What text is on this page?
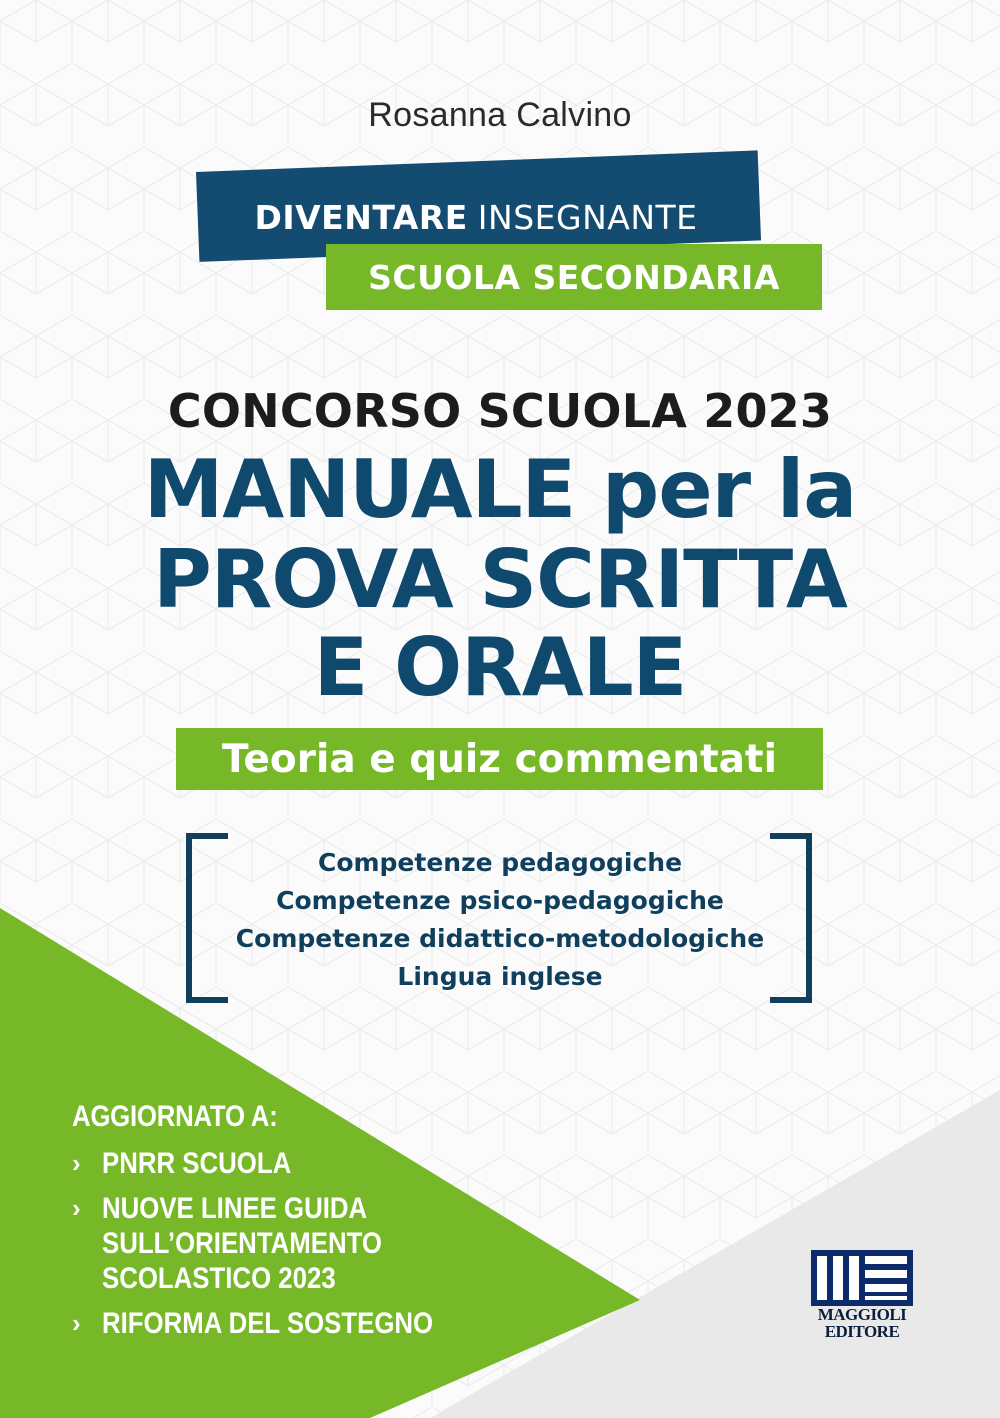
Rosanna Calvino
DIVENTARE INSEGNANTE
SCUOLA SECONDARIA
CONCORSO SCUOLA 2023
MANUALE per la
PROVA SCRITTA
E ORALE
Teoria e quiz commentati
Competenze pedagogiche
Competenze psico-pedagogiche
Competenze didattico-metodologiche
Lingua inglese
AGGIORNATO A:
› PNRR SCUOLA
› NUOVE LINEE GUIDA
SULL’ORIENTAMENTO
SCOLASTICO 2023
› RIFORMA DEL SOSTEGNO	MAGGIOLI
EDITORE
